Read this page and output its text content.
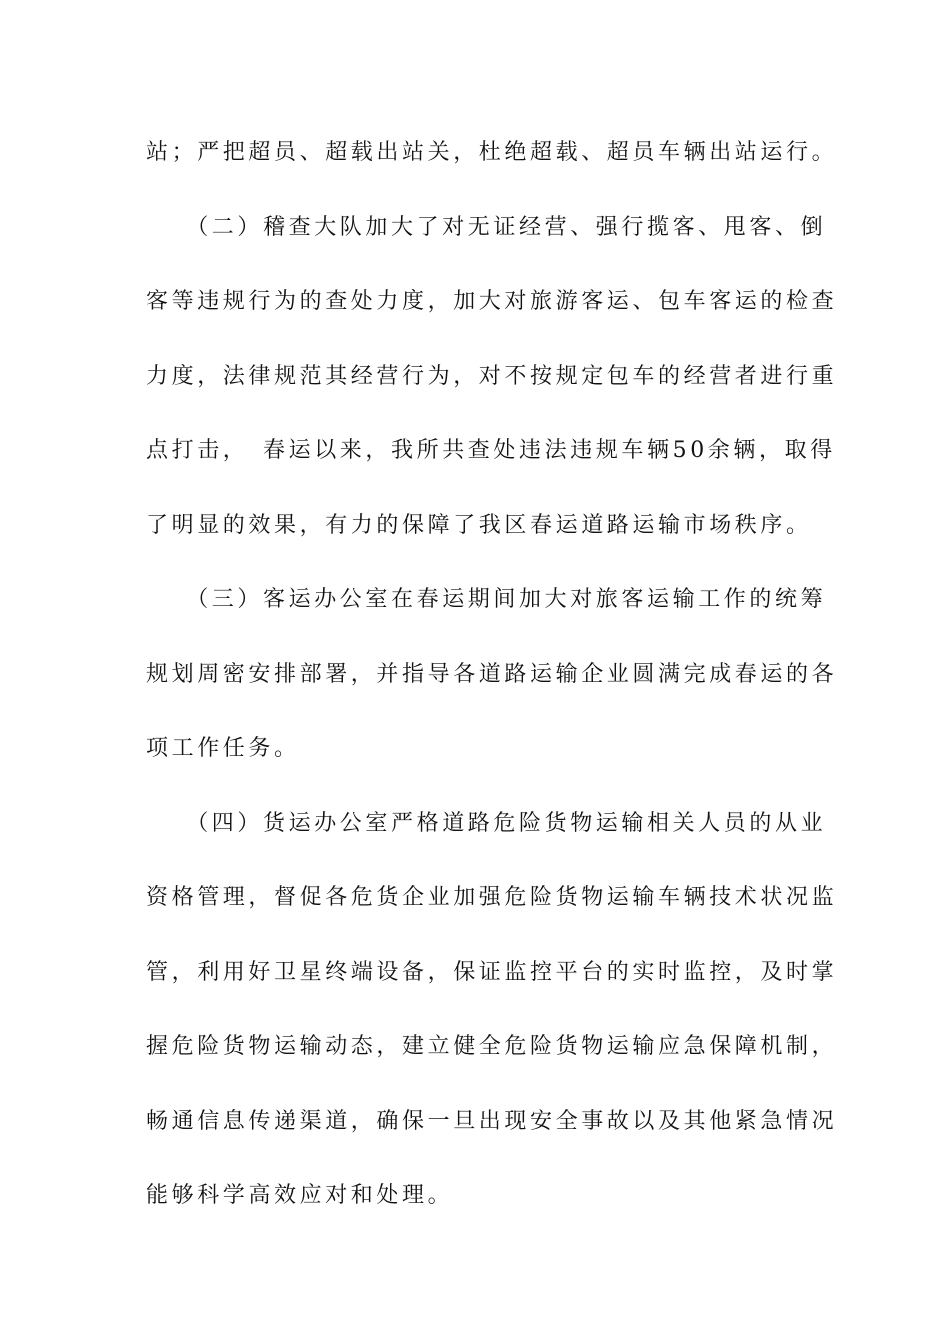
站；严把超员、超载出站关，杜绝超载、超员车辆出站运行。
　　（二）稽查大队加大了对无证经营、强行揽客、甩客、倒
客等违规行为的查处力度，加大对旅游客运、包车客运的检查
力度，法律规范其经营行为，对不按规定包车的经营者进行重
点打击，　春运以来，我所共查处违法违规车辆50余辆，取得
了明显的效果，有力的保障了我区春运道路运输市场秩序。
　　（三）客运办公室在春运期间加大对旅客运输工作的统筹
规划周密安排部署，并指导各道路运输企业圆满完成春运的各
项工作任务。
　　（四）货运办公室严格道路危险货物运输相关人员的从业
资格管理，督促各危货企业加强危险货物运输车辆技术状况监
管，利用好卫星终端设备，保证监控平台的实时监控，及时掌
握危险货物运输动态，建立健全危险货物运输应急保障机制，
畅通信息传递渠道，确保一旦出现安全事故以及其他紧急情况
能够科学高效应对和处理。
